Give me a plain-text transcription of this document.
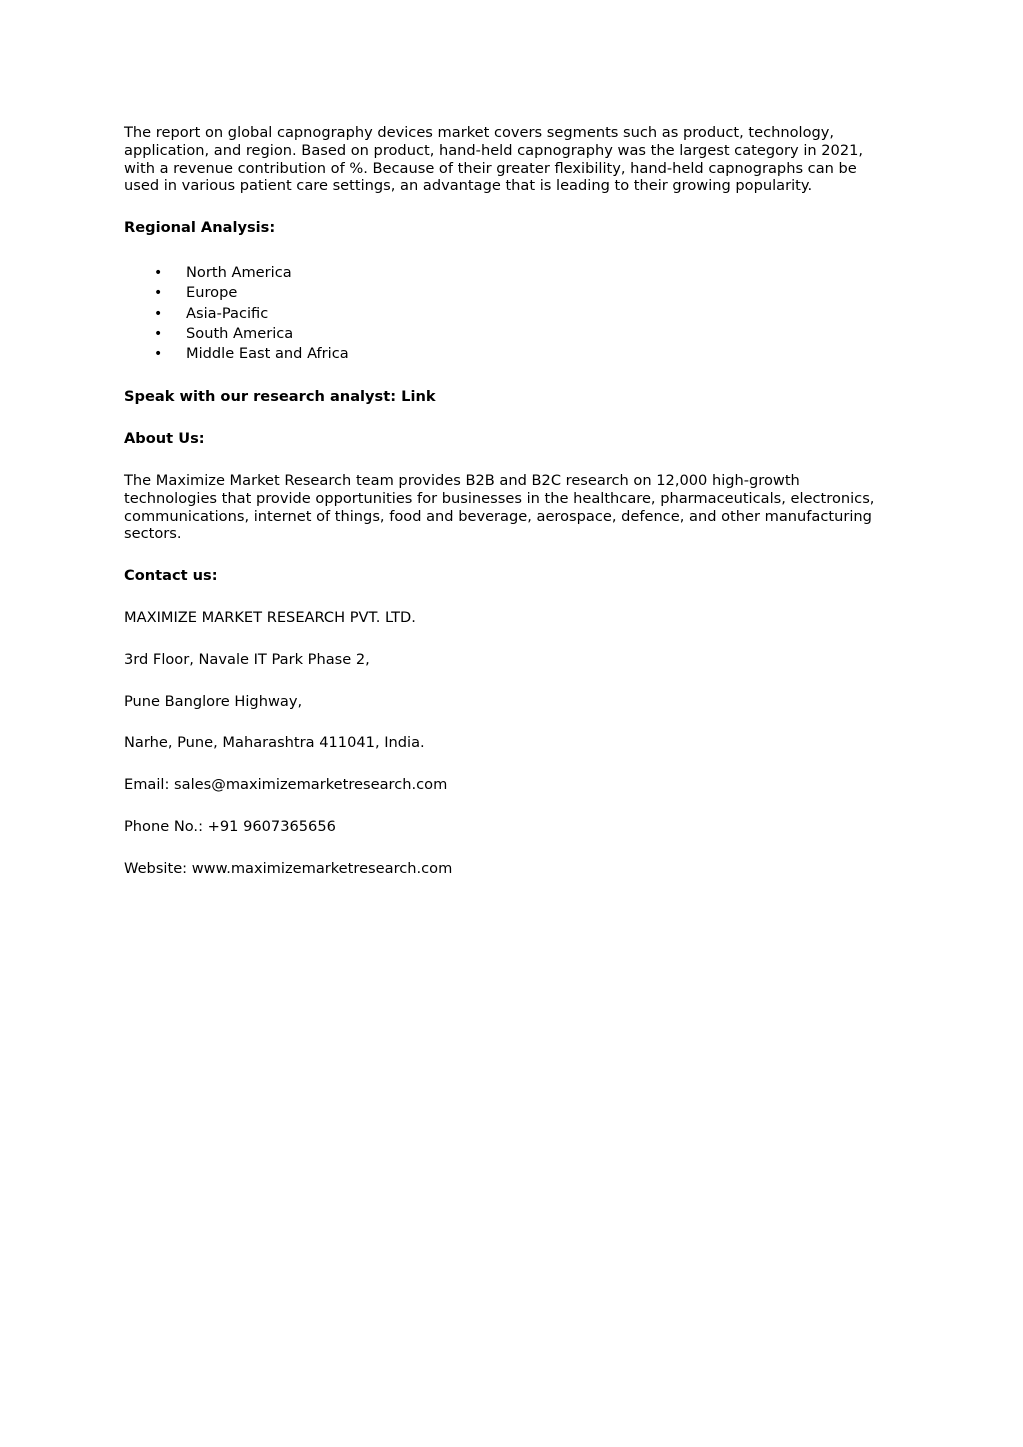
The report on global capnography devices market covers segments such as product, technology, application, and region. Based on product, hand-held capnography was the largest category in 2021, with a revenue contribution of %. Because of their greater flexibility, hand-held capnographs can be used in various patient care settings, an advantage that is leading to their growing popularity.

Regional Analysis:

• North America
• Europe
• Asia-Pacific
• South America
• Middle East and Africa

Speak with our research analyst: Link

About Us:

The Maximize Market Research team provides B2B and B2C research on 12,000 high-growth technologies that provide opportunities for businesses in the healthcare, pharmaceuticals, electronics, communications, internet of things, food and beverage, aerospace, defence, and other manufacturing sectors.

Contact us:

MAXIMIZE MARKET RESEARCH PVT. LTD.

3rd Floor, Navale IT Park Phase 2,

Pune Banglore Highway,

Narhe, Pune, Maharashtra 411041, India.

Email: sales@maximizemarketresearch.com

Phone No.: +91 9607365656

Website: www.maximizemarketresearch.com
